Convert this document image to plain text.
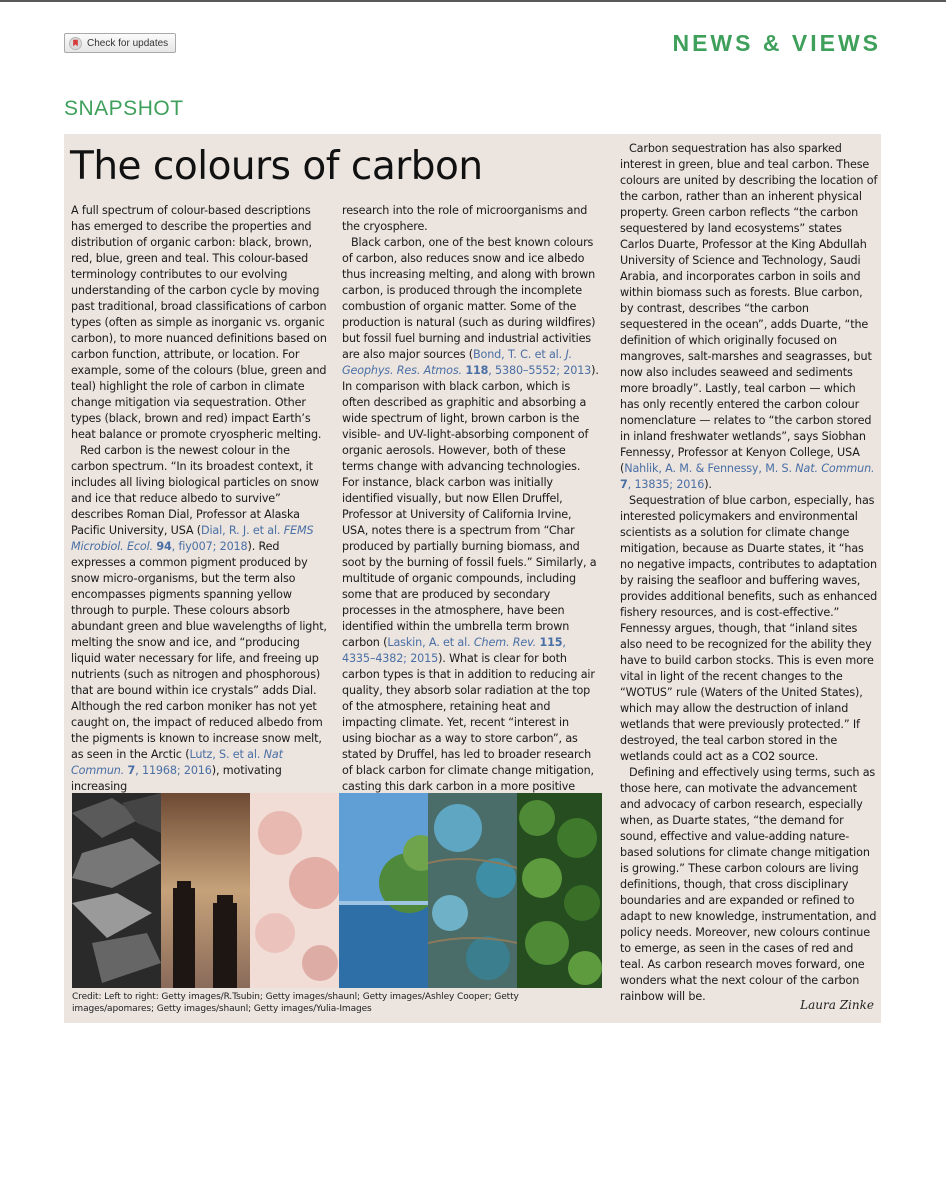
Check for updates	NEWS & VIEWS
SNAPSHOT
The colours of carbon

A full spectrum of colour-based descriptions has emerged to describe the properties and distribution of organic carbon: black, brown, red, blue, green and teal. This colour-based terminology contributes to our evolving understanding of the carbon cycle by moving past traditional, broad classifications of carbon types (often as simple as inorganic vs. organic carbon), to more nuanced definitions based on carbon function, attribute, or location. For example, some of the colours (blue, green and teal) highlight the role of carbon in climate change mitigation via sequestration. Other types (black, brown and red) impact Earth’s heat balance or promote cryospheric melting.

Red carbon is the newest colour in the carbon spectrum. “In its broadest context, it includes all living biological particles on snow and ice that reduce albedo to survive” describes Roman Dial, Professor at Alaska Pacific University, USA (Dial, R. J. et al. FEMS Microbiol. Ecol. 94, fiy007; 2018). Red expresses a common pigment produced by snow micro-organisms, but the term also encompasses pigments spanning yellow through to purple. These colours absorb abundant green and blue wavelengths of light, melting the snow and ice, and “producing liquid water necessary for life, and freeing up nutrients (such as nitrogen and phosphorous) that are bound within ice crystals” adds Dial. Although the red carbon moniker has not yet caught on, the impact of reduced albedo from the pigments is known to increase snow melt, as seen in the Arctic (Lutz, S. et al. Nat Commun. 7, 11968; 2016), motivating increasing

research into the role of microorganisms and the cryosphere.

Black carbon, one of the best known colours of carbon, also reduces snow and ice albedo thus increasing melting, and along with brown carbon, is produced through the incomplete combustion of organic matter. Some of the production is natural (such as during wildfires) but fossil fuel burning and industrial activities are also major sources (Bond, T. C. et al. J. Geophys. Res. Atmos. 118, 5380–5552; 2013). In comparison with black carbon, which is often described as graphitic and absorbing a wide spectrum of light, brown carbon is the visible- and UV-light-absorbing component of organic aerosols. However, both of these terms change with advancing technologies. For instance, black carbon was initially identified visually, but now Ellen Druffel, Professor at University of California Irvine, USA, notes there is a spectrum from “Char produced by partially burning biomass, and soot by the burning of fossil fuels.” Similarly, a multitude of organic compounds, including some that are produced by secondary processes in the atmosphere, have been identified within the umbrella term brown carbon (Laskin, A. et al. Chem. Rev. 115, 4335–4382; 2015). What is clear for both carbon types is that in addition to reducing air quality, they absorb solar radiation at the top of the atmosphere, retaining heat and impacting climate. Yet, recent “interest in using biochar as a way to store carbon”, as stated by Druffel, has led to broader research of black carbon for climate change mitigation, casting this dark carbon in a more positive

Carbon sequestration has also sparked interest in green, blue and teal carbon. These colours are united by describing the location of the carbon, rather than an inherent physical property. Green carbon reflects “the carbon sequestered by land ecosystems” states Carlos Duarte, Professor at the King Abdullah University of Science and Technology, Saudi Arabia, and incorporates carbon in soils and within biomass such as forests. Blue carbon, by contrast, describes “the carbon sequestered in the ocean”, adds Duarte, “the definition of which originally focused on mangroves, salt-marshes and seagrasses, but now also includes seaweed and sediments more broadly”. Lastly, teal carbon — which has only recently entered the carbon colour nomenclature — relates to “the carbon stored in inland freshwater wetlands”, says Siobhan Fennessy, Professor at Kenyon College, USA (Nahlik, A. M. & Fennessy, M. S. Nat. Commun. 7, 13835; 2016).

Sequestration of blue carbon, especially, has interested policymakers and environmental scientists as a solution for climate change mitigation, because as Duarte states, it “has no negative impacts, contributes to adaptation by raising the seafloor and buffering waves, provides additional benefits, such as enhanced fishery resources, and is cost-effective.” Fennessy argues, though, that “inland sites also need to be recognized for the ability they have to build carbon stocks. This is even more vital in light of the recent changes to the “WOTUS” rule (Waters of the United States), which may allow the destruction of inland wetlands that were previously protected.” If destroyed, the teal carbon stored in the wetlands could act as a CO2 source.

Defining and effectively using terms, such as those here, can motivate the advancement and advocacy of carbon research, especially when, as Duarte states, “the demand for sound, effective and value-adding nature-based solutions for climate change mitigation is growing.” These carbon colours are living definitions, though, that cross disciplinary boundaries and are expanded or refined to adapt to new knowledge, instrumentation, and policy needs. Moreover, new colours continue to emerge, as seen in the cases of red and teal. As carbon research moves forward, one wonders what the next colour of the carbon rainbow will be.

Credit: Left to right: Getty images/R.Tsubin; Getty images/shaunl; Getty images/Ashley Cooper; Getty images/apomares; Getty images/shaunl; Getty images/Yulia-Images	Laura Zinke
